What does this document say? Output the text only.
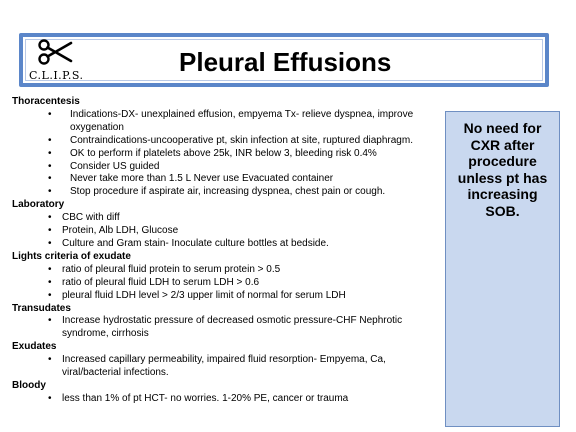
C.L.I.P.S.	Pleural Effusions
Thoracentesis
• Indications-DX- unexplained effusion, empyema Tx- relieve dyspnea, improve oxygenation
• Contraindications-uncooperative pt, skin infection at site, ruptured diaphragm.
• OK to perform if platelets above 25k, INR below 3, bleeding risk 0.4%
• Consider US guided
• Never take more than 1.5 L Never use Evacuated container
• Stop procedure if aspirate air, increasing dyspnea, chest pain or cough.
Laboratory
• CBC with diff
• Protein, Alb LDH, Glucose
• Culture and Gram stain- Inoculate culture bottles at bedside.
Lights criteria of exudate
• ratio of pleural fluid protein to serum protein > 0.5
• ratio of pleural fluid LDH to serum LDH > 0.6
• pleural fluid LDH level > 2/3 upper limit of normal for serum LDH
Transudates
• Increase hydrostatic pressure of decreased osmotic pressure-CHF Nephrotic syndrome, cirrhosis
Exudates
• Increased capillary permeability, impaired fluid resorption- Empyema, Ca, viral/bacterial infections.
Bloody
• less than 1% of pt HCT- no worries. 1-20% PE, cancer or trauma
No need for CXR after procedure unless pt has increasing SOB.
